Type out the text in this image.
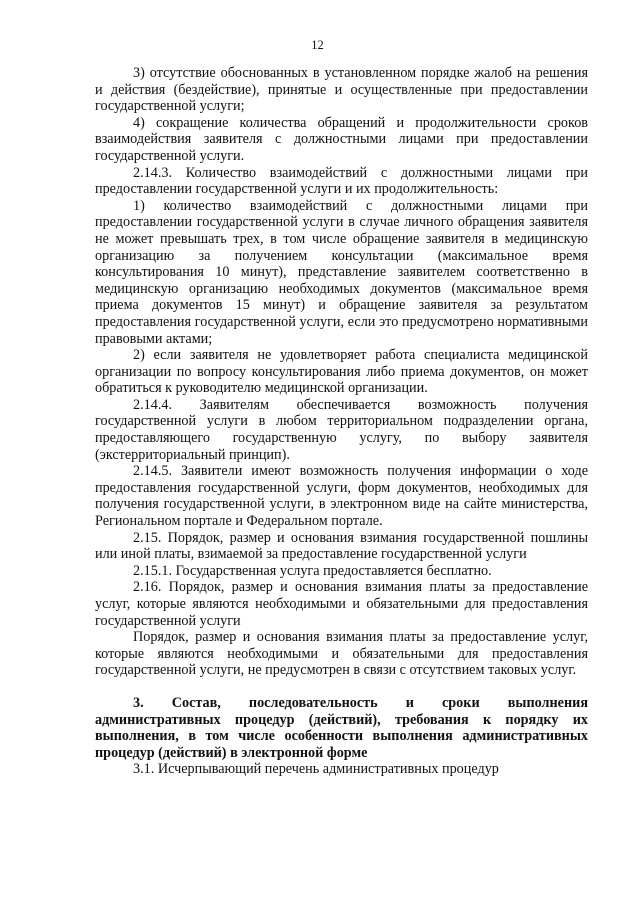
12

3) отсутствие обоснованных в установленном порядке жалоб на решения и действия (бездействие), принятые и осуществленные при предоставлении государственной услуги;

4) сокращение количества обращений и продолжительности сроков взаимодействия заявителя с должностными лицами при предоставлении государственной услуги.

2.14.3. Количество взаимодействий с должностными лицами при предоставлении государственной услуги и их продолжительность:

1) количество взаимодействий с должностными лицами при предоставлении государственной услуги в случае личного обращения заявителя не может превышать трех, в том числе обращение заявителя в медицинскую организацию за получением консультации (максимальное время консультирования 10 минут), представление заявителем соответственно в медицинскую организацию необходимых документов (максимальное время приема документов 15 минут) и обращение заявителя за результатом предоставления государственной услуги, если это предусмотрено нормативными правовыми актами;

2) если заявителя не удовлетворяет работа специалиста медицинской организации по вопросу консультирования либо приема документов, он может обратиться к руководителю медицинской организации.

2.14.4. Заявителям обеспечивается возможность получения государственной услуги в любом территориальном подразделении органа, предоставляющего государственную услугу, по выбору заявителя (экстерриториальный принцип).

2.14.5. Заявители имеют возможность получения информации о ходе предоставления государственной услуги, форм документов, необходимых для получения государственной услуги, в электронном виде на сайте министерства, Региональном портале и Федеральном портале.

2.15. Порядок, размер и основания взимания государственной пошлины или иной платы, взимаемой за предоставление государственной услуги

2.15.1. Государственная услуга предоставляется бесплатно.

2.16. Порядок, размер и основания взимания платы за предоставление услуг, которые являются необходимыми и обязательными для предоставления государственной услуги

Порядок, размер и основания взимания платы за предоставление услуг, которые являются необходимыми и обязательными для предоставления государственной услуги, не предусмотрен в связи с отсутствием таковых услуг.

3. Состав, последовательность и сроки выполнения административных процедур (действий), требования к порядку их выполнения, в том числе особенности выполнения административных процедур (действий) в электронной форме

3.1. Исчерпывающий перечень административных процедур
